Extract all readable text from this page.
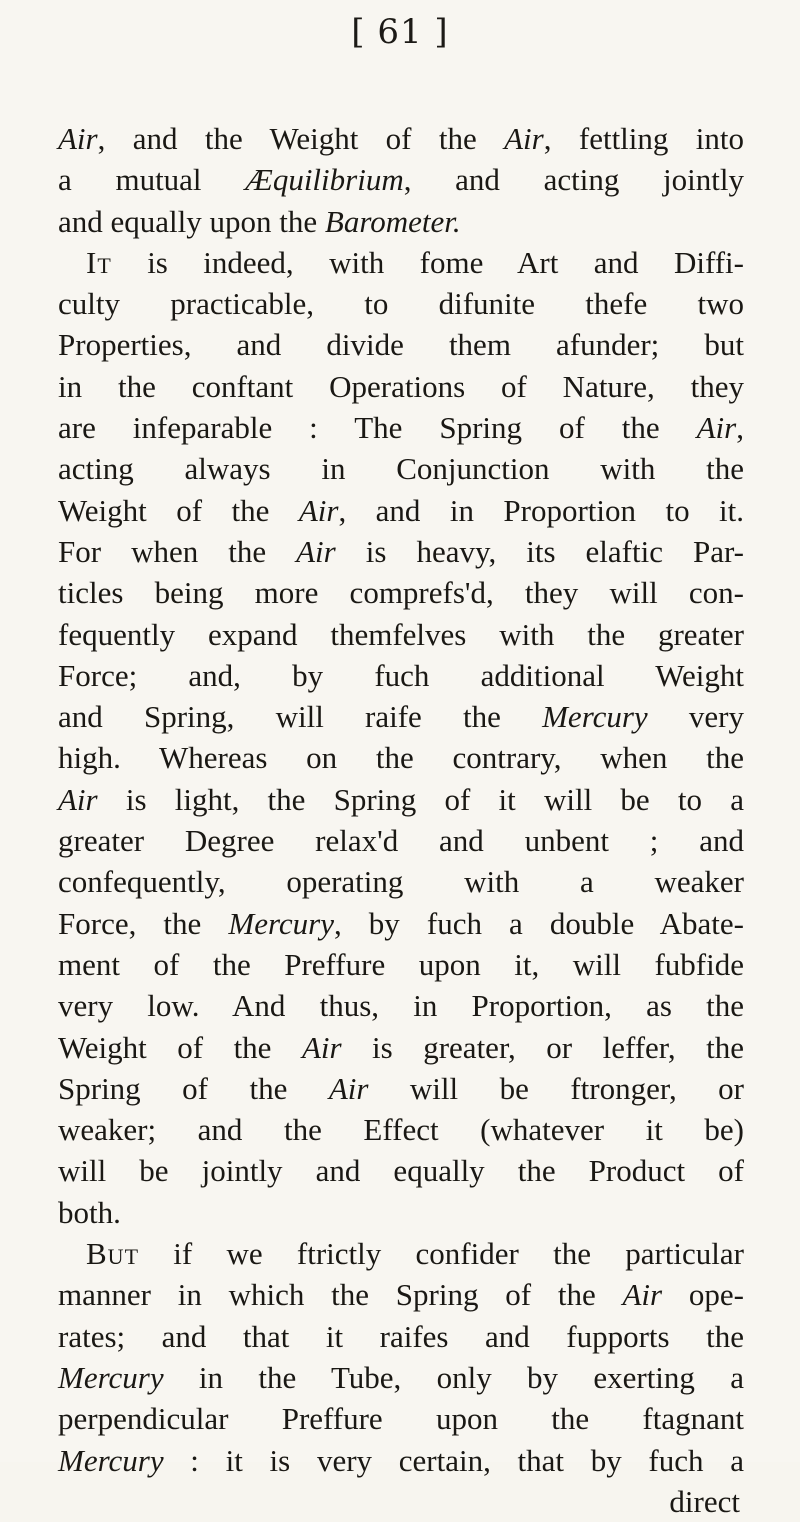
[ 61 ]
Air, and the Weight of the Air, fettling into
a mutual Æquilibrium, and acting jointly
and equally upon the Barometer.
It is indeed, with fome Art and Diffi-
culty practicable, to difunite thefe two
Properties, and divide them afunder; but
in the conftant Operations of Nature, they
are infeparable : The Spring of the Air,
acting always in Conjunction with the
Weight of the Air, and in Proportion to it.
For when the Air is heavy, its elaftic Par-
ticles being more comprefs'd, they will con-
fequently expand themfelves with the greater
Force; and, by fuch additional Weight
and Spring, will raife the Mercury very
high. Whereas on the contrary, when the
Air is light, the Spring of it will be to a
greater Degree relax'd and unbent ; and
confequently, operating with a weaker
Force, the Mercury, by fuch a double Abate-
ment of the Preffure upon it, will fubfide
very low. And thus, in Proportion, as the
Weight of the Air is greater, or leffer, the
Spring of the Air will be ftronger, or
weaker; and the Effect (whatever it be)
will be jointly and equally the Product of
both.
But if we ftrictly confider the particular
manner in which the Spring of the Air ope-
rates; and that it raifes and fupports the
Mercury in the Tube, only by exerting a
perpendicular Preffure upon the ftagnant
Mercury : it is very certain, that by fuch a
direct
